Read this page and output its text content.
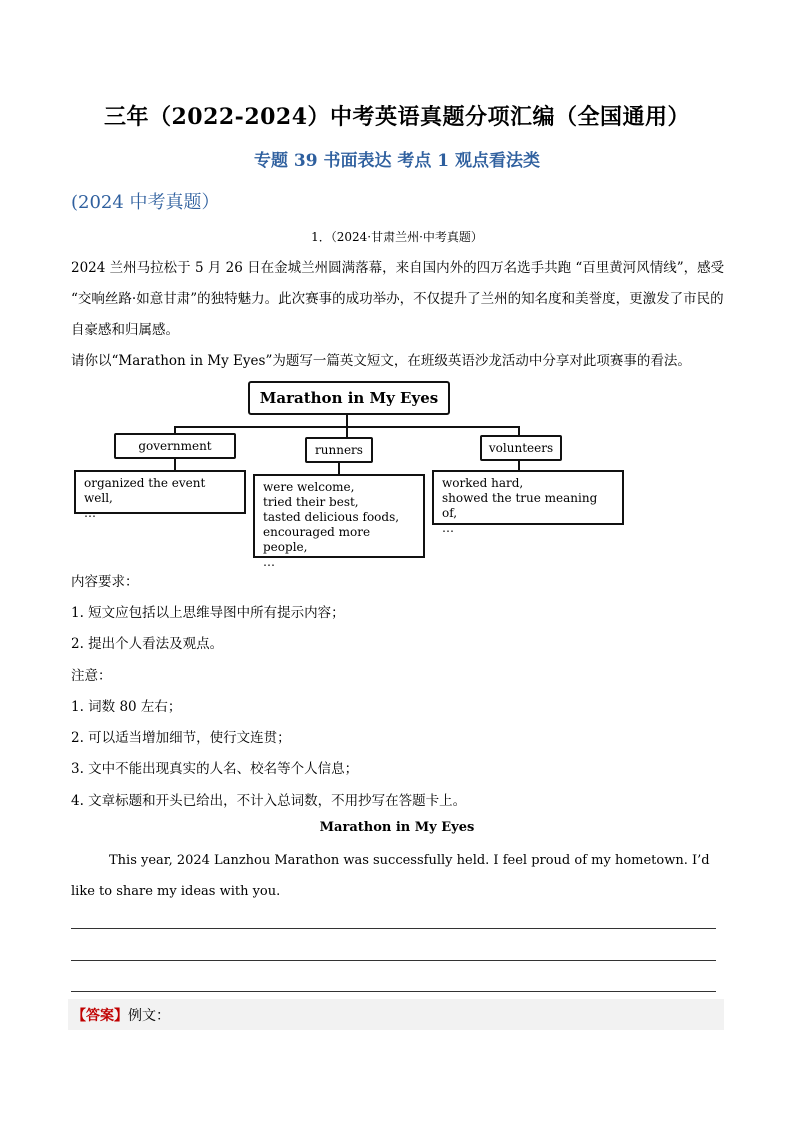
三年（2022-2024）中考英语真题分项汇编（全国通用）
专题 39 书面表达 考点 1 观点看法类
(2024 中考真题）
1．（2024·甘肃兰州·中考真题）
2024 兰州马拉松于 5 月 26 日在金城兰州圆满落幕，来自国内外的四万名选手共跑 “百里黄河风情线”，感受 “交响丝路·如意甘肃”的独特魅力。此次赛事的成功举办，不仅提升了兰州的知名度和美誉度，更激发了市民的自豪感和归属感。
请你以“Marathon in My Eyes”为题写一篇英文短文，在班级英语沙龙活动中分享对此项赛事的看法。
Marathon in My Eyes
government	runners	volunteers
organized the event well,
…
were welcome,
tried their best,
tasted delicious foods,
encouraged more people,
…
worked hard,
showed the true meaning of,
…
内容要求：
1. 短文应包括以上思维导图中所有提示内容；
2. 提出个人看法及观点。
注意：
1. 词数 80 左右；
2. 可以适当增加细节，使行文连贯；
3. 文中不能出现真实的人名、校名等个人信息；
4. 文章标题和开头已给出，不计入总词数，不用抄写在答题卡上。
Marathon in My Eyes
This year, 2024 Lanzhou Marathon was successfully held. I feel proud of my hometown. I’d like to share my ideas with you.
【答案】 例文：
